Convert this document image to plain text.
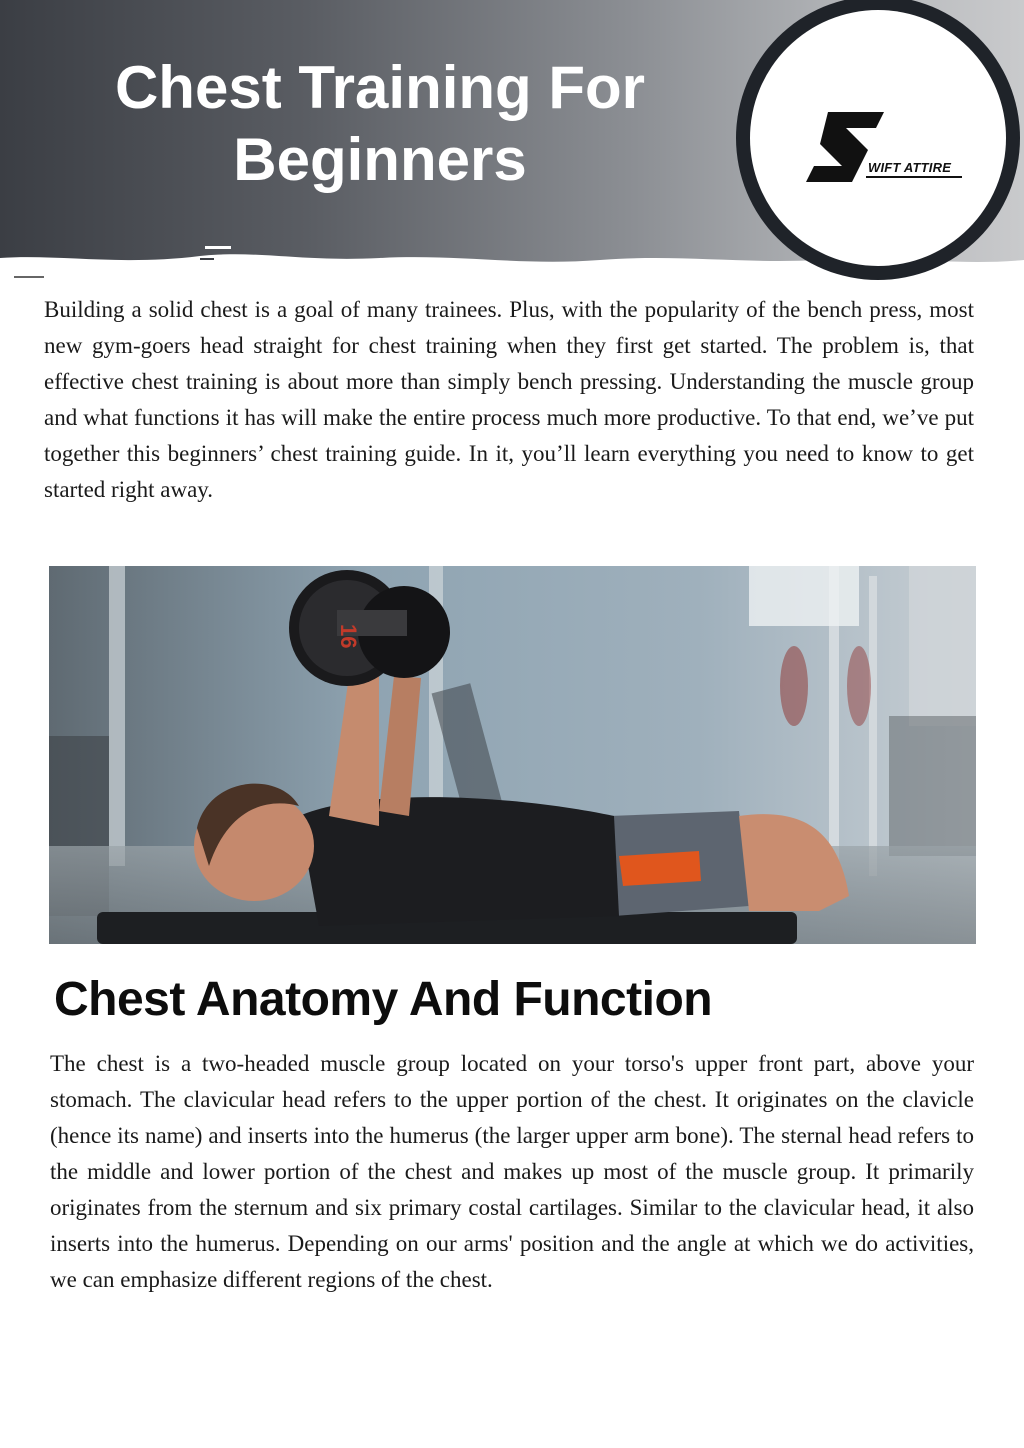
Chest Training For
Beginners	WIFT ATTIRE

Building a solid chest is a goal of many trainees. Plus, with the popularity of the bench press, most new gym-goers head straight for chest training when they first get started. The problem is, that effective chest training is about more than simply bench pressing. Understanding the muscle group and what functions it has will make the entire process much more productive. To that end, we’ve put together this beginners’ chest training guide. In it, you’ll learn everything you need to know to get started right away.

16
Chest Anatomy And Function

The chest is a two-headed muscle group located on your torso's upper front part, above your stomach. The clavicular head refers to the upper portion of the chest. It originates on the clavicle (hence its name) and inserts into the humerus (the larger upper arm bone). The sternal head refers to the middle and lower portion of the chest and makes up most of the muscle group. It primarily originates from the sternum and six primary costal cartilages. Similar to the clavicular head, it also inserts into the humerus. Depending on our arms' position and the angle at which we do activities, we can emphasize different regions of the chest.
